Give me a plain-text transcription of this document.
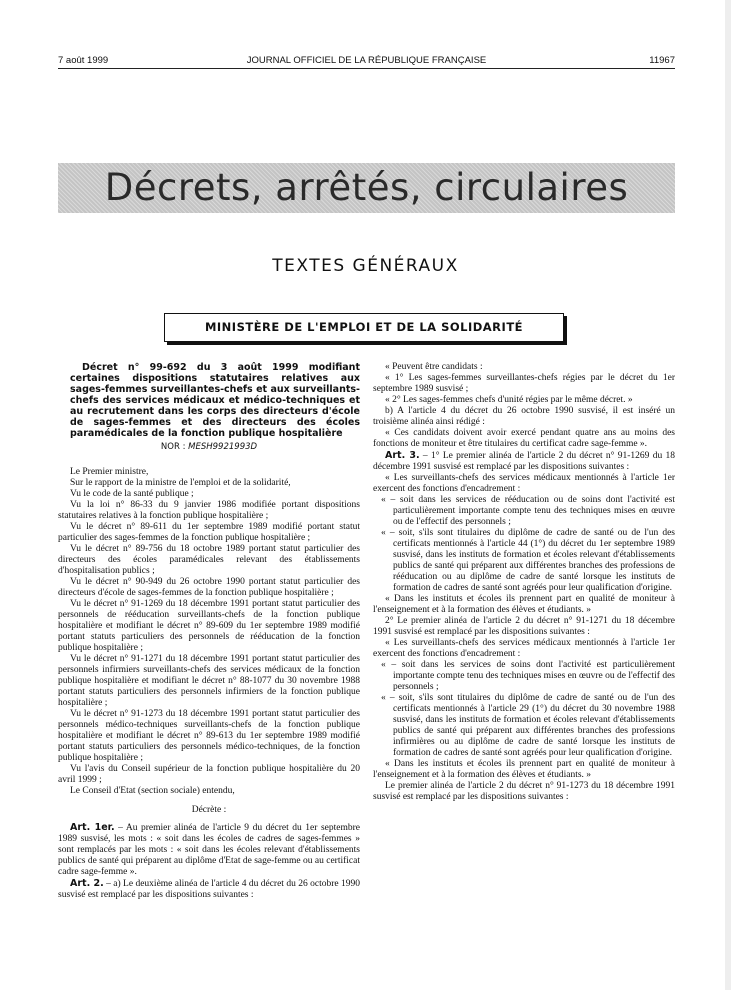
7 août 1999	JOURNAL OFFICIEL DE LA RÉPUBLIQUE FRANÇAISE	11967
Décrets, arrêtés, circulaires
TEXTES GÉNÉRAUX
MINISTÈRE DE L'EMPLOI ET DE LA SOLIDARITÉ

Décret n° 99-692 du 3 août 1999 modifiant certaines dispositions statutaires relatives aux sages-femmes surveillantes-chefs et aux surveillants-chefs des services médicaux et médico-techniques et au recrutement dans les corps des directeurs d'école de sages-femmes et des directeurs des écoles paramédicales de la fonction publique hospitalière

NOR : MESH9921993D

Le Premier ministre,

Sur le rapport de la ministre de l'emploi et de la solidarité,

Vu le code de la santé publique ;

Vu la loi n° 86-33 du 9 janvier 1986 modifiée portant dispositions statutaires relatives à la fonction publique hospitalière ;

Vu le décret n° 89-611 du 1er septembre 1989 modifié portant statut particulier des sages-femmes de la fonction publique hospitalière ;

Vu le décret n° 89-756 du 18 octobre 1989 portant statut particulier des directeurs des écoles paramédicales relevant des établissements d'hospitalisation publics ;

Vu le décret n° 90-949 du 26 octobre 1990 portant statut particulier des directeurs d'école de sages-femmes de la fonction publique hospitalière ;

Vu le décret n° 91-1269 du 18 décembre 1991 portant statut particulier des personnels de rééducation surveillants-chefs de la fonction publique hospitalière et modifiant le décret n° 89-609 du 1er septembre 1989 modifié portant statuts particuliers des personnels de rééducation de la fonction publique hospitalière ;

Vu le décret n° 91-1271 du 18 décembre 1991 portant statut particulier des personnels infirmiers surveillants-chefs des services médicaux de la fonction publique hospitalière et modifiant le décret n° 88-1077 du 30 novembre 1988 portant statuts particuliers des personnels infirmiers de la fonction publique hospitalière ;

Vu le décret n° 91-1273 du 18 décembre 1991 portant statut particulier des personnels médico-techniques surveillants-chefs de la fonction publique hospitalière et modifiant le décret n° 89-613 du 1er septembre 1989 modifié portant statuts particuliers des personnels médico-techniques, de la fonction publique hospitalière ;

Vu l'avis du Conseil supérieur de la fonction publique hospitalière du 20 avril 1999 ;

Le Conseil d'Etat (section sociale) entendu,

Décrète :

Art. 1er. – Au premier alinéa de l'article 9 du décret du 1er septembre 1989 susvisé, les mots : « soit dans les écoles de cadres de sages-femmes » sont remplacés par les mots : « soit dans les écoles relevant d'établissements publics de santé qui préparent au diplôme d'Etat de sage-femme ou au certificat cadre sage-femme ».

Art. 2. – a) Le deuxième alinéa de l'article 4 du décret du 26 octobre 1990 susvisé est remplacé par les dispositions suivantes :

« Peuvent être candidats :

« 1° Les sages-femmes surveillantes-chefs régies par le décret du 1er septembre 1989 susvisé ;

« 2° Les sages-femmes chefs d'unité régies par le même décret. »

b) A l'article 4 du décret du 26 octobre 1990 susvisé, il est inséré un troisième alinéa ainsi rédigé :

« Ces candidats doivent avoir exercé pendant quatre ans au moins des fonctions de moniteur et être titulaires du certificat cadre sage-femme ».

Art. 3. – 1° Le premier alinéa de l'article 2 du décret n° 91-1269 du 18 décembre 1991 susvisé est remplacé par les dispositions suivantes :

« Les surveillants-chefs des services médicaux mentionnés à l'article 1er exercent des fonctions d'encadrement :

« – soit dans les services de rééducation ou de soins dont l'activité est particulièrement importante compte tenu des techniques mises en œuvre ou de l'effectif des personnels ;

« – soit, s'ils sont titulaires du diplôme de cadre de santé ou de l'un des certificats mentionnés à l'article 44 (1°) du décret du 1er septembre 1989 susvisé, dans les instituts de formation et écoles relevant d'établissements publics de santé qui préparent aux différentes branches des professions de rééducation ou au diplôme de cadre de santé lorsque les instituts de formation de cadres de santé sont agréés pour leur qualification d'origine.

« Dans les instituts et écoles ils prennent part en qualité de moniteur à l'enseignement et à la formation des élèves et étudiants. »

2° Le premier alinéa de l'article 2 du décret n° 91-1271 du 18 décembre 1991 susvisé est remplacé par les dispositions suivantes :

« Les surveillants-chefs des services médicaux mentionnés à l'article 1er exercent des fonctions d'encadrement :

« – soit dans les services de soins dont l'activité est particulièrement importante compte tenu des techniques mises en œuvre ou de l'effectif des personnels ;

« – soit, s'ils sont titulaires du diplôme de cadre de santé ou de l'un des certificats mentionnés à l'article 29 (1°) du décret du 30 novembre 1988 susvisé, dans les instituts de formation et écoles relevant d'établissements publics de santé qui préparent aux différentes branches des professions infirmières ou au diplôme de cadre de santé lorsque les instituts de formation de cadres de santé sont agréés pour leur qualification d'origine.

« Dans les instituts et écoles ils prennent part en qualité de moniteur à l'enseignement et à la formation des élèves et étudiants. »

Le premier alinéa de l'article 2 du décret n° 91-1273 du 18 décembre 1991 susvisé est remplacé par les dispositions suivantes :
